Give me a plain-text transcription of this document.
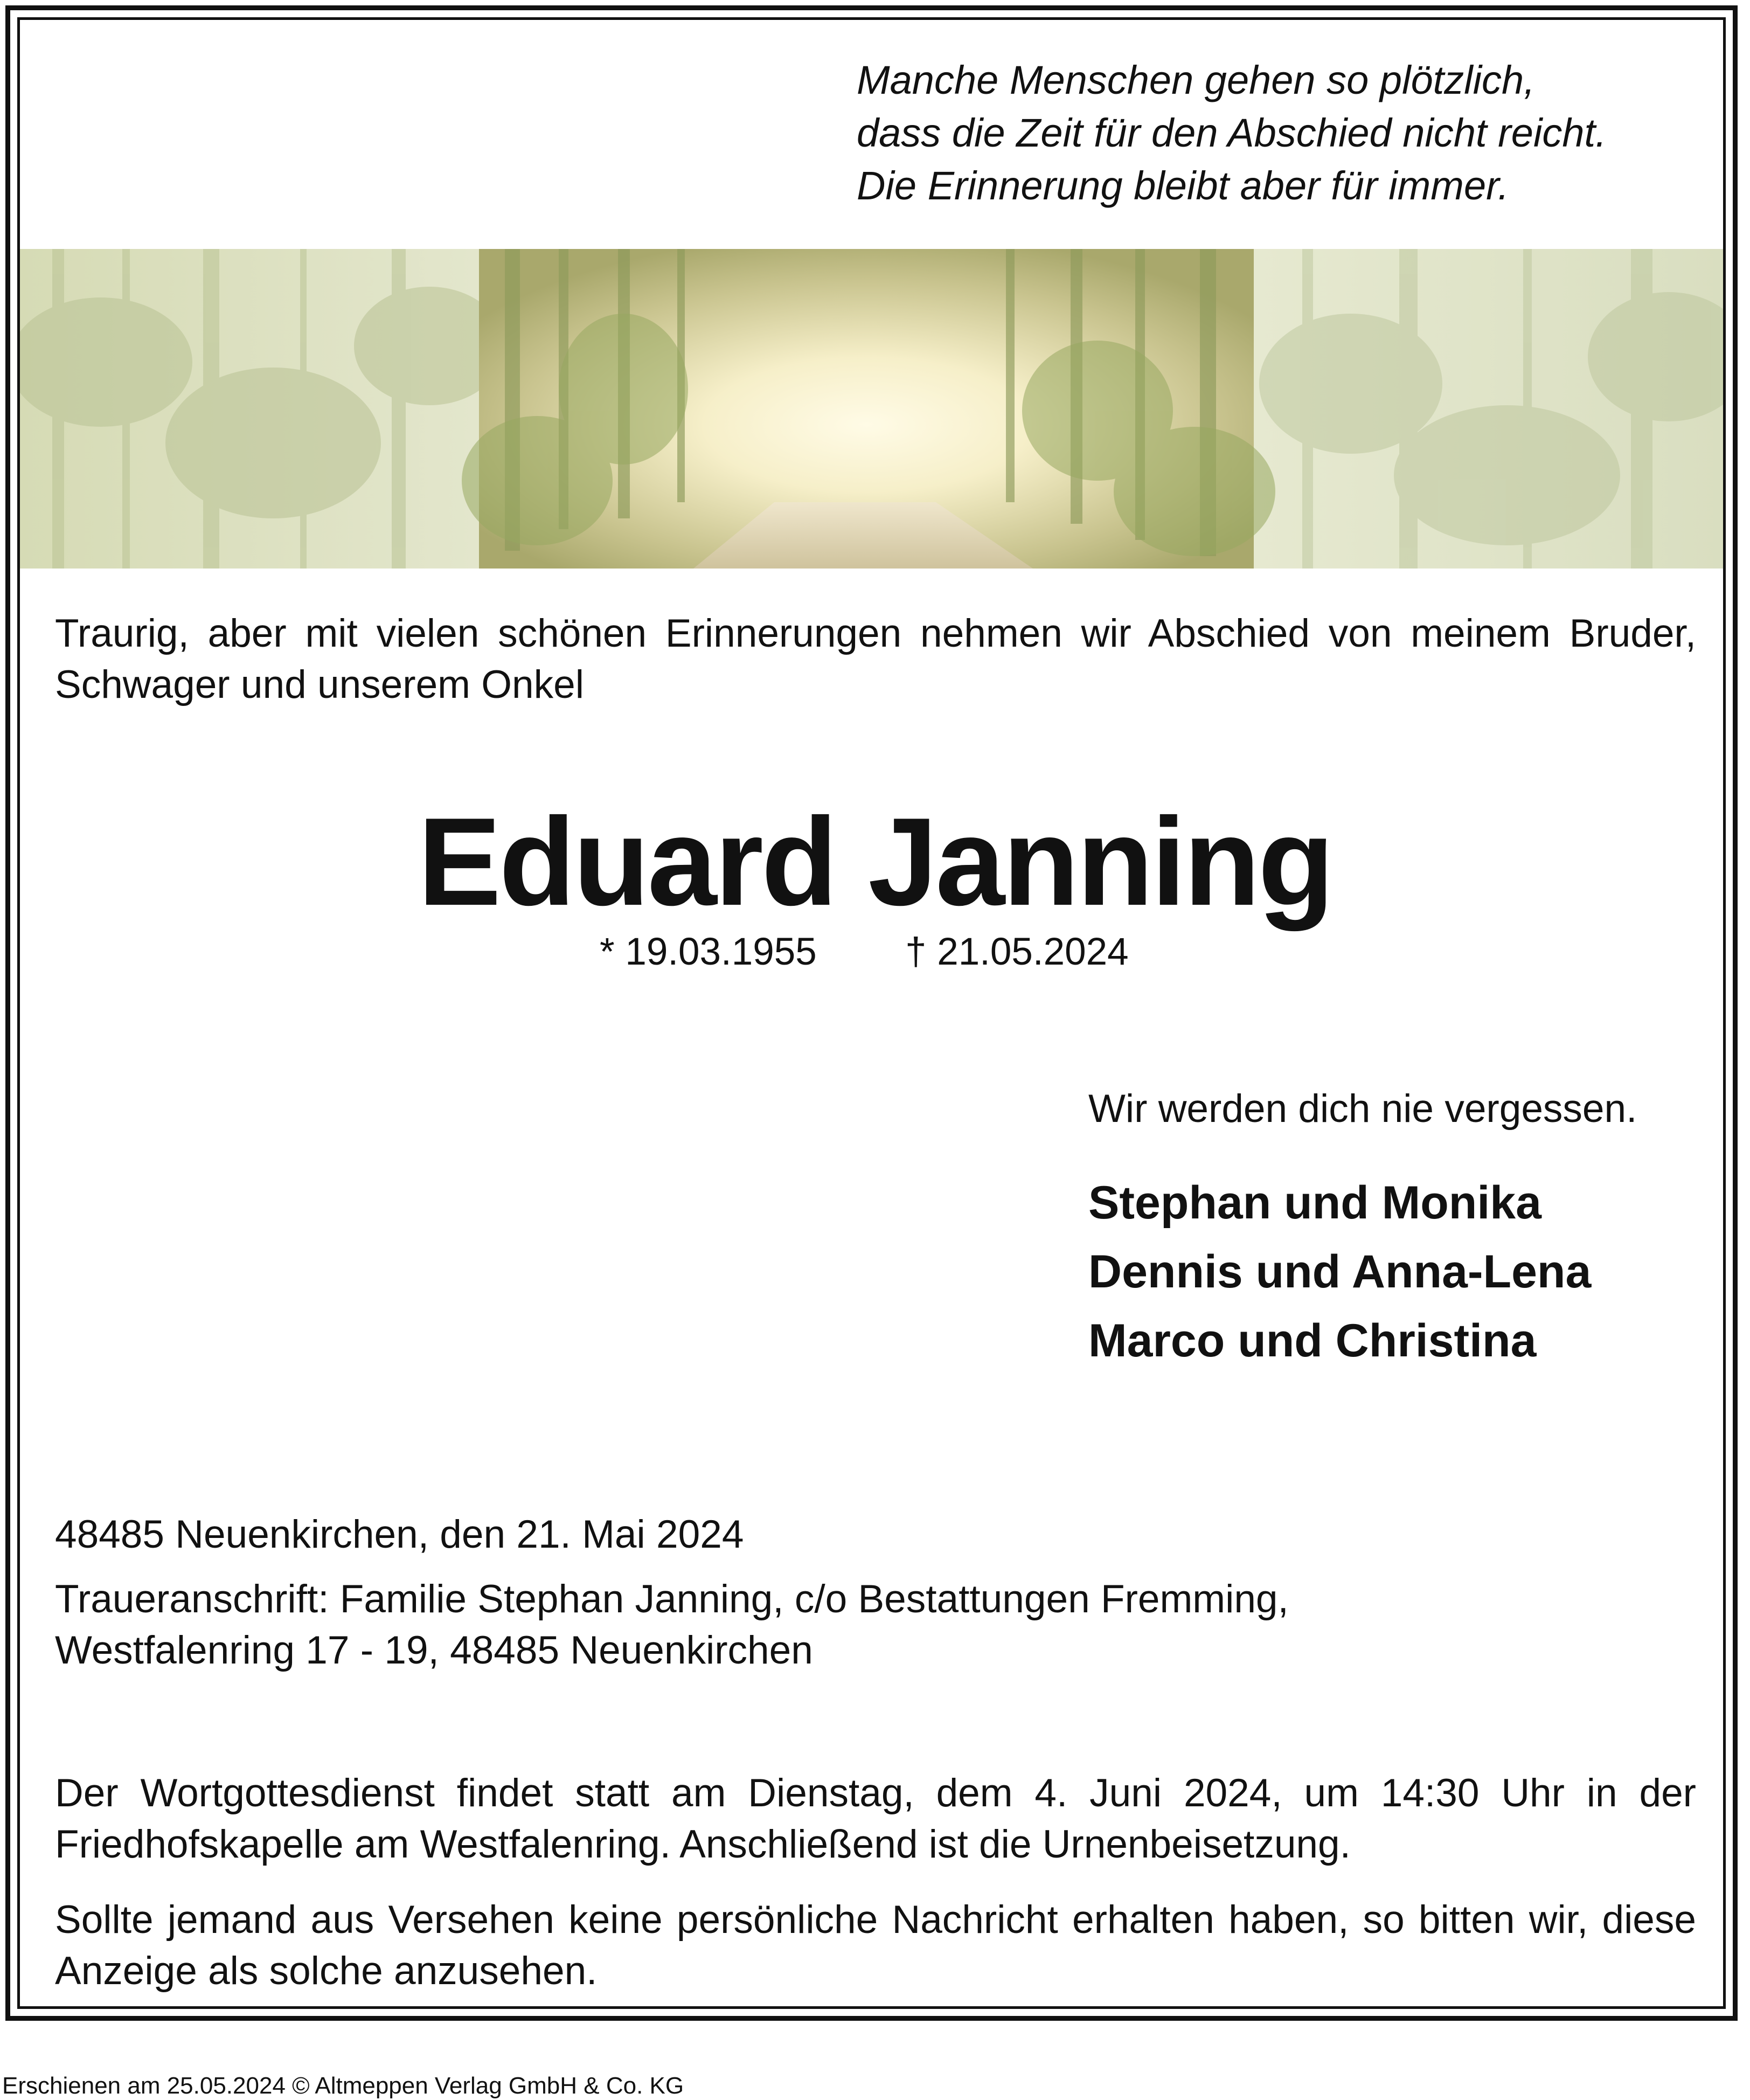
Manche Menschen gehen so plötzlich,
dass die Zeit für den Abschied nicht reicht.
Die Erinnerung bleibt aber für immer.
Traurig, aber mit vielen schönen Erinnerungen nehmen wir Abschied von meinem Bruder, Schwager und unserem Onkel
Eduard Janning
* 19.03.1955 † 21.05.2024
Wir werden dich nie vergessen.
Stephan und Monika
Dennis und Anna-Lena
Marco und Christina
48485 Neuenkirchen, den 21. Mai 2024
Traueranschrift: Familie Stephan Janning, c/o Bestattungen Fremming,
Westfalenring 17 - 19, 48485 Neuenkirchen
Der Wortgottesdienst findet statt am Dienstag, dem 4. Juni 2024, um 14:30 Uhr in der Friedhofskapelle am Westfalenring. Anschließend ist die Urnenbeisetzung.
Sollte jemand aus Versehen keine persönliche Nachricht erhalten haben, so bitten wir, diese Anzeige als solche anzusehen.
Erschienen am 25.05.2024 © Altmeppen Verlag GmbH & Co. KG
